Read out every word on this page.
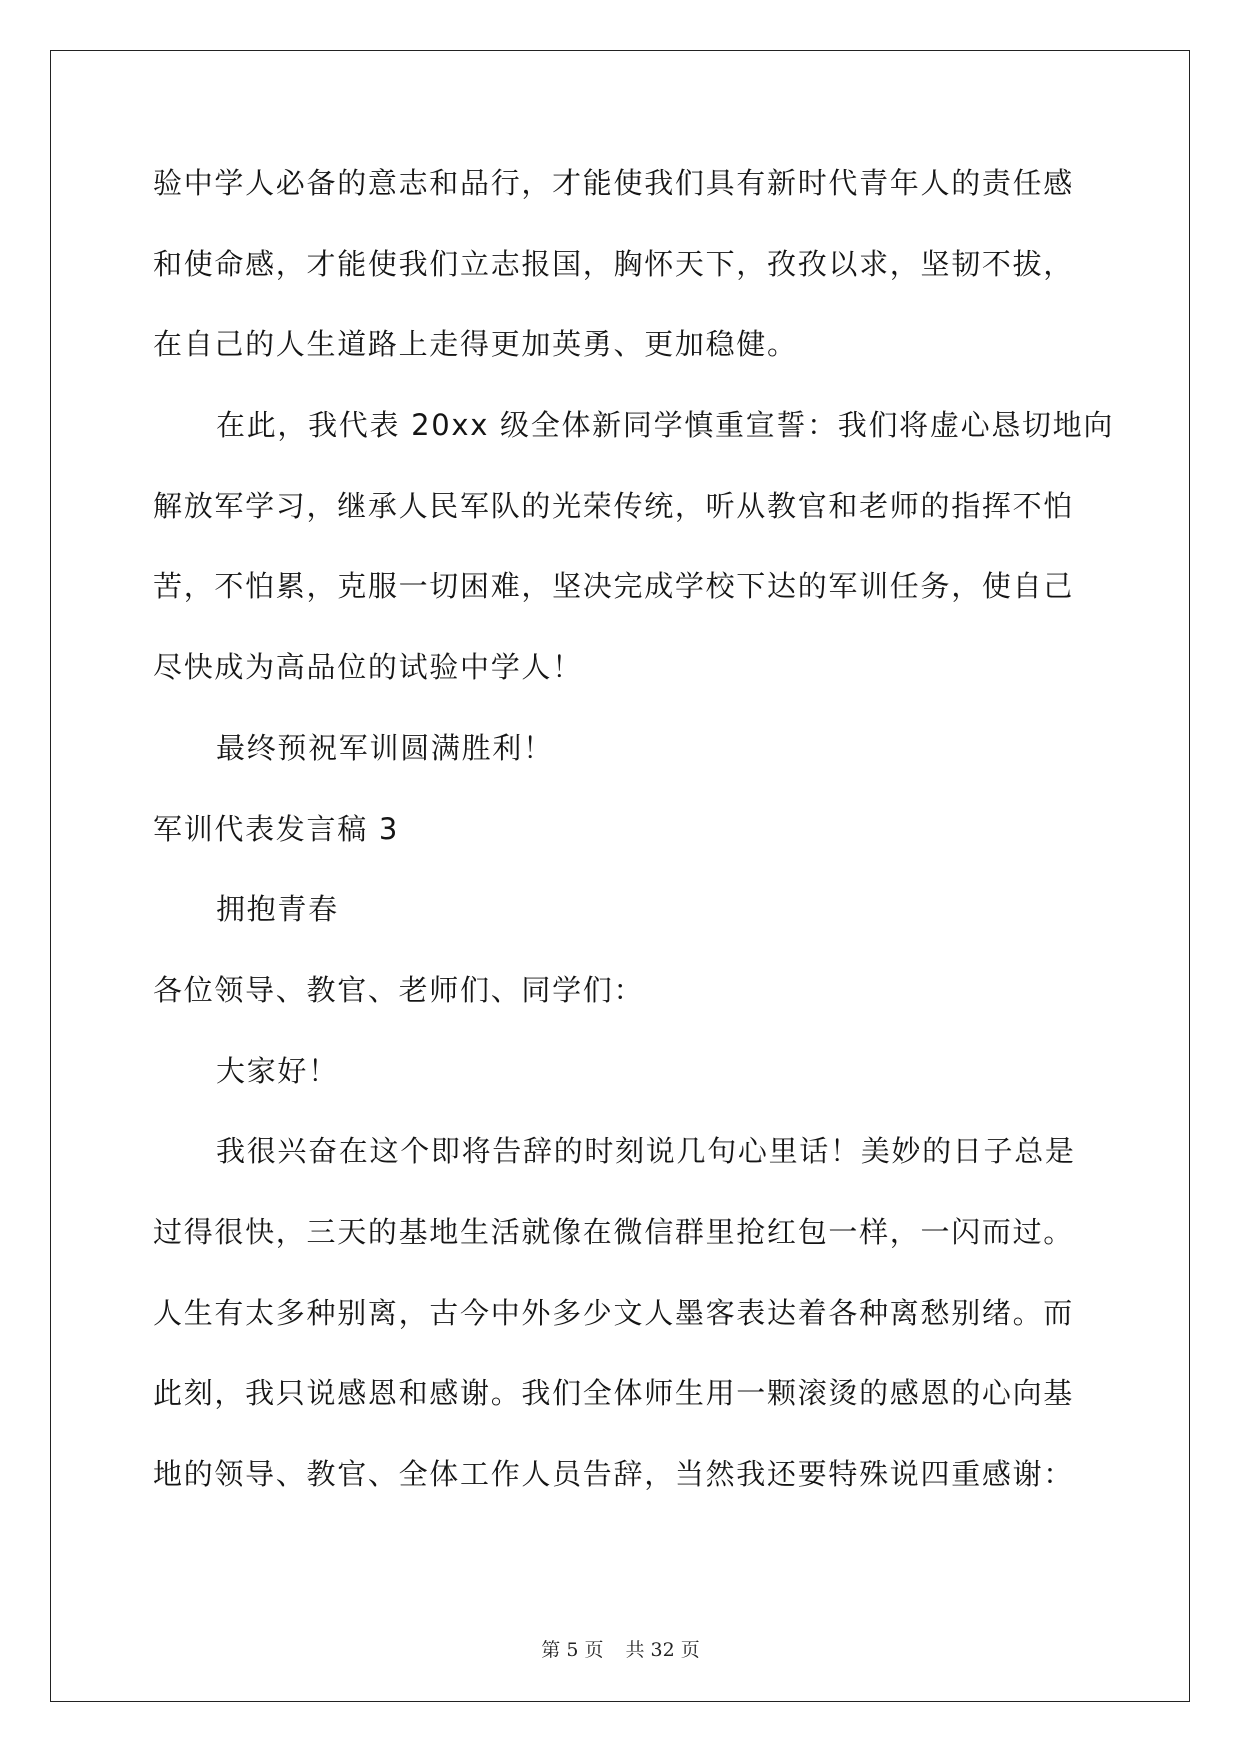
验中学人必备的意志和品行，才能使我们具有新时代青年人的责任感
和使命感，才能使我们立志报国，胸怀天下，孜孜以求，坚韧不拔，
在自己的人生道路上走得更加英勇、更加稳健。
在此，我代表 20xx 级全体新同学慎重宣誓：我们将虚心恳切地向
解放军学习，继承人民军队的光荣传统，听从教官和老师的指挥不怕
苦，不怕累，克服一切困难，坚决完成学校下达的军训任务，使自己
尽快成为高品位的试验中学人！
最终预祝军训圆满胜利！
军训代表发言稿 3
拥抱青春
各位领导、教官、老师们、同学们：
大家好！
我很兴奋在这个即将告辞的时刻说几句心里话！美妙的日子总是
过得很快，三天的基地生活就像在微信群里抢红包一样，一闪而过。
人生有太多种别离，古今中外多少文人墨客表达着各种离愁别绪。而
此刻，我只说感恩和感谢。我们全体师生用一颗滚烫的感恩的心向基
地的领导、教官、全体工作人员告辞，当然我还要特殊说四重感谢：
第 5 页 共 32 页
